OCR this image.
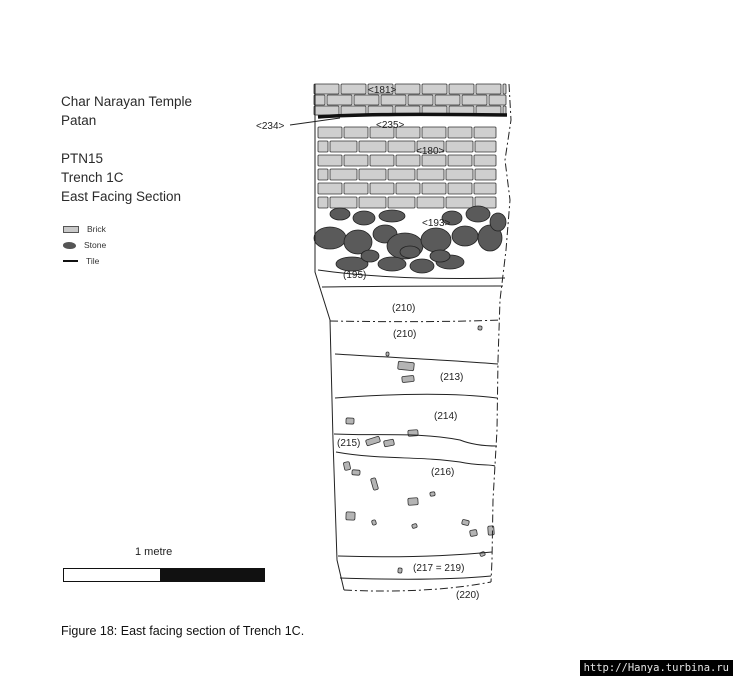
Char Narayan Temple
Patan
PTN15
Trench 1C
East Facing Section
Brick
Stone
Tile
1 metre
<181>
<234>	<235>
<180>
<193>
(195)
(210)
(210)
(213)
(214)
(215)
(216)
(217 = 219)
(220)
Figure 18: East facing section of Trench 1C.
http://Hanya.turbina.ru
